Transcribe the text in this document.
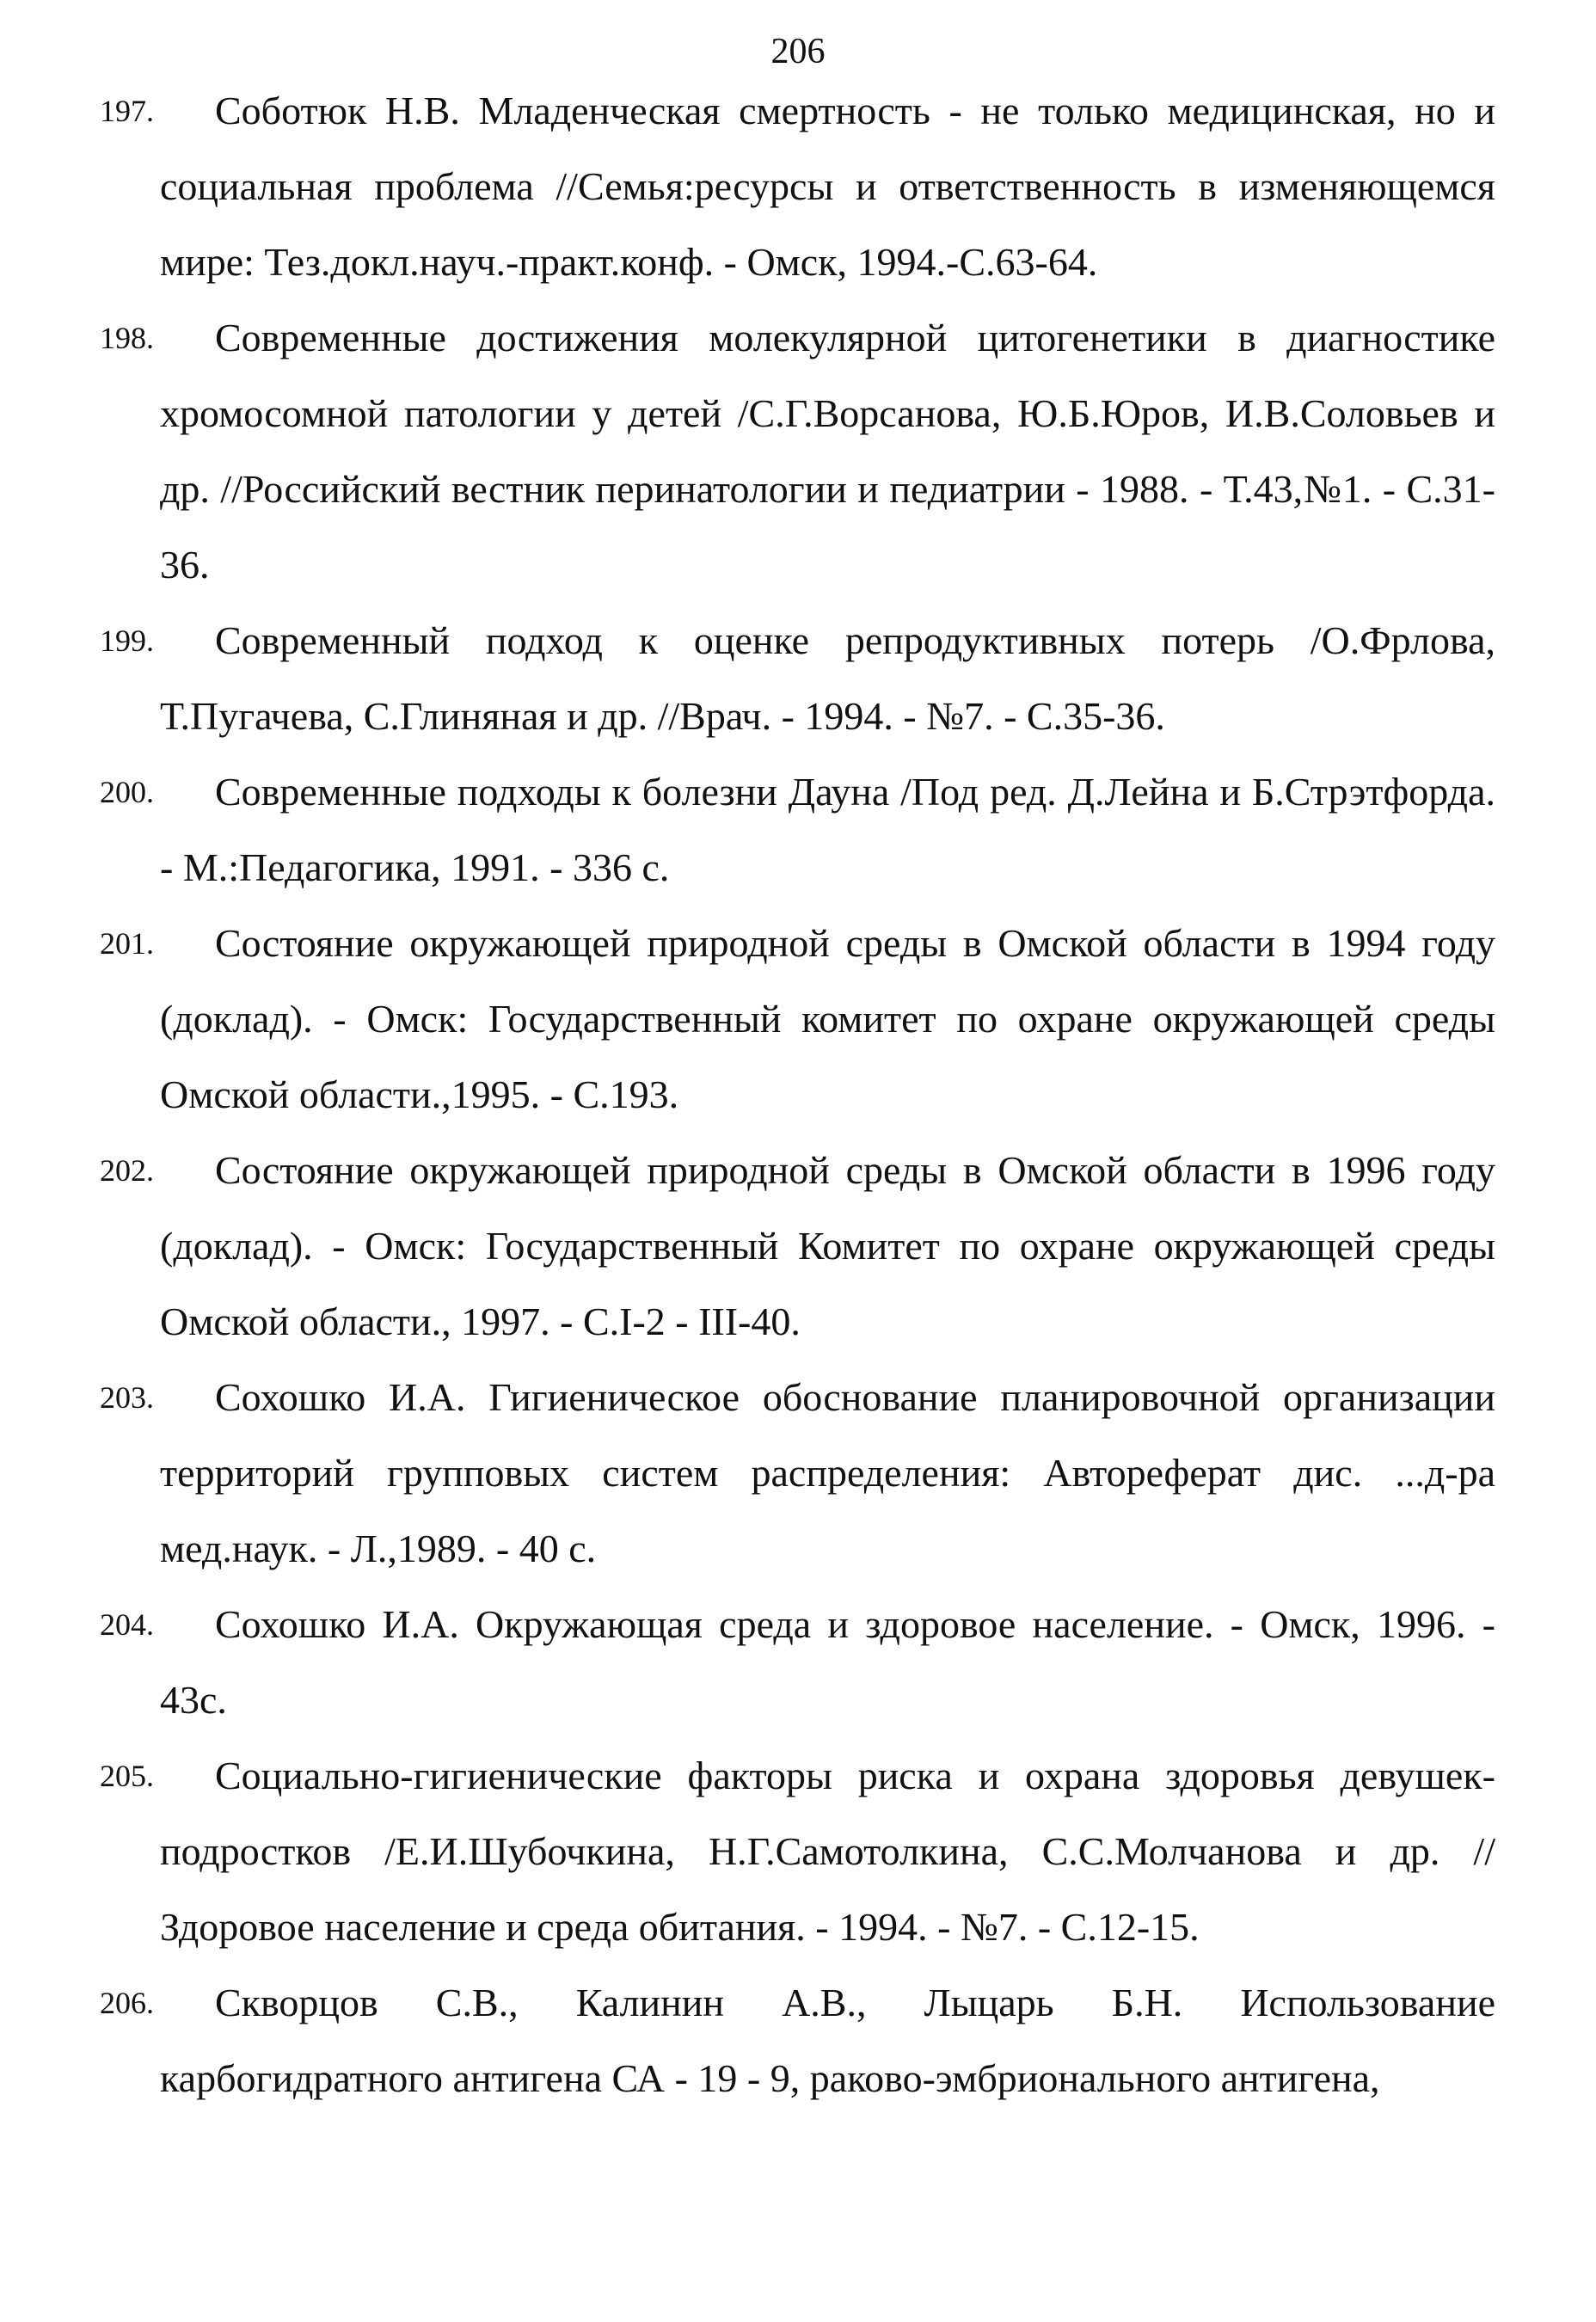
206
197.	Соботюк Н.В. Младенческая смертность - не только медицинская, но и социальная проблема //Семья:ресурсы и ответственность в изменяющемся мире: Тез.докл.науч.-практ.конф. - Омск, 1994.-С.63-64.
198.	Современные достижения молекулярной цитогенетики в диагностике хромосомной патологии у детей /С.Г.Ворсанова, Ю.Б.Юров, И.В.Соловьев и др. //Российский вестник перинатологии и педиатрии - 1988. - Т.43,№1. - С.31-36.
199.	Современный подход к оценке репродуктивных потерь /О.Фрлова, Т.Пугачева, С.Глиняная и др. //Врач. - 1994. - №7. - С.35-36.
200.	Современные подходы к болезни Дауна /Под ред. Д.Лейна и Б.Стрэтфорда. - М.:Педагогика, 1991. - 336 с.
201.	Состояние окружающей природной среды в Омской области в 1994 году (доклад). - Омск: Государственный комитет по охране окружающей среды Омской области.,1995. - С.193.
202.	Состояние окружающей природной среды в Омской области в 1996 году (доклад). - Омск: Государственный Комитет по охране окружающей среды Омской области., 1997. - С.I-2 - III-40.
203.	Сохошко И.А. Гигиеническое обоснование планировочной организации территорий групповых систем распределения: Автореферат дис. ...д-ра мед.наук. - Л.,1989. - 40 с.
204.	Сохошко И.А. Окружающая среда и здоровое население. - Омск, 1996. - 43с.
205.	Социально-гигиенические факторы риска и охрана здоровья девушек-подростков /Е.И.Шубочкина, Н.Г.Самотолкина, С.С.Молчанова и др. //Здоровое население и среда обитания. - 1994. - №7. - С.12-15.
206.	Скворцов С.В., Калинин А.В., Лыцарь Б.Н. Использование карбогидратного антигена СА - 19 - 9, раково-эмбрионального антигена,
